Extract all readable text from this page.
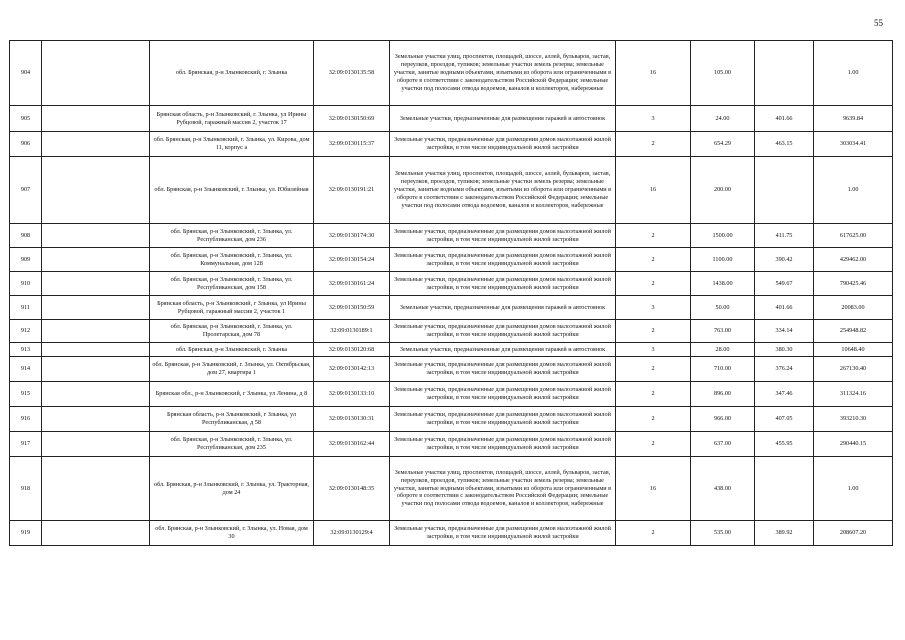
55
904		обл. Брянская, р-н Злынковский, г. Злынка	32:09:0130135:58	Земельные участки улиц, проспектов, площадей, шоссе, аллей, бульваров, застав, переулков, проездов, тупиков; земельные участки земель резерва; земельные участки, занятые водными объектами, изъятыми из оборота или ограниченными в обороте в соответствии с законодательством Российской Федерации; земельные участки под полосами отвода водоемов, каналов и коллекторов, набережные	16	105.00		1.00
905		Брянская область, р-н Злынковский, г. Злынка, ул Ирины Рубцовой, гаражный массив 2, участок 17	32:09:0130150:69	Земельные участки, предназначенные для размещения гаражей и автостоянок	3	24.00	401.66	9639.84
906		обл. Брянская, р-н Злынковский, г. Злынка, ул. Кирова, дом 11, корпус а	32:09:0130115:37	Земельные участки, предназначенные для размещения домов малоэтажной жилой застройки, в том числе индивидуальной жилой застройки	2	654.29	463.15	303034.41
907		обл. Брянская, р-н Злынковский, г. Злынка, ул. Юбилейная	32:09:0130191:21	Земельные участки улиц, проспектов, площадей, шоссе, аллей, бульваров, застав, переулков, проездов, тупиков; земельные участки земель резерва; земельные участки, занятые водными объектами, изъятыми из оборота или ограниченными в обороте в соответствии с законодательством Российской Федерации; земельные участки под полосами отвода водоемов, каналов и коллекторов, набережные	16	200.00		1.00
908		обл. Брянская, р-н Злынковский, г. Злынка, ул. Республиканская, дом 236	32:09:0130174:30	Земельные участки, предназначенные для размещения домов малоэтажной жилой застройки, в том числе индивидуальной жилой застройки	2	1500.00	411.75	617625.00
909		обл. Брянская, р-н Злынковский, г. Злынка, ул. Коммунальная, дом 128	32:09:0130154:24	Земельные участки, предназначенные для размещения домов малоэтажной жилой застройки, в том числе индивидуальной жилой застройки	2	1100.00	390.42	429462.00
910		обл. Брянская, р-н Злынковский, г. Злынка, ул. Республиканская, дом 158	32:09:0130161:24	Земельные участки, предназначенные для размещения домов малоэтажной жилой застройки, в том числе индивидуальной жилой застройки	2	1438.00	549.67	790425.46
911		Брянская область, р-н Злынковский, г Злынка, ул Ирины Рубцовой, гаражный массив 2, участок 1	32:09:0130150:59	Земельные участки, предназначенные для размещения гаражей и автостоянок	3	50.00	401.66	20083.00
912		обл. Брянская, р-н Злынковский, г. Злынка, ул. Пролетарская, дом 78	32:09:0130189:1	Земельные участки, предназначенные для размещения домов малоэтажной жилой застройки, в том числе индивидуальной жилой застройки	2	763.00	334.14	254948.82
913		обл. Брянская, р-н Злынковский, г. Злынка	32:09:0130120:68	Земельные участки, предназначенные для размещения гаражей и автостоянок	3	28.00	380.30	10648.40
914		обл. Брянская, р-н Злынковский, г. Злынка, ул. Октябрьская, дом 27, квартира 1	32:09:0130142:13	Земельные участки, предназначенные для размещения домов малоэтажной жилой застройки, в том числе индивидуальной жилой застройки	2	710.00	376.24	267130.40
915		Брянская обл., р-н Злынковский, г Злынка, ул Ленина, д 8	32:09:0130133:10	Земельные участки, предназначенные для размещения домов малоэтажной жилой застройки, в том числе индивидуальной жилой застройки	2	896.00	347.46	311324.16
916		Брянская область, р-н Злынковский, г Злынка, ул Республиканская, д 58	32:09:0130130:31	Земельные участки, предназначенные для размещения домов малоэтажной жилой застройки, в том числе индивидуальной жилой застройки	2	966.00	407.05	393210.30
917		обл. Брянская, р-н Злынковский, г. Злынка, ул. Республиканская, дом 235	32:09:0130162:44	Земельные участки, предназначенные для размещения домов малоэтажной жилой застройки, в том числе индивидуальной жилой застройки	2	637.00	455.95	290440.15
918		обл. Брянская, р-н Злынковский, г. Злынка, ул. Тракторная, дом 24	32:09:0130148:35	Земельные участки улиц, проспектов, площадей, шоссе, аллей, бульваров, застав, переулков, проездов, тупиков; земельные участки земель резерва; земельные участки, занятые водными объектами, изъятыми из оборота или ограниченными в обороте в соответствии с законодательством Российской Федерации; земельные участки под полосами отвода водоемов, каналов и коллекторов, набережные	16	438.00		1.00
919		обл. Брянская, р-н Злынковский, г. Злынка, ул. Новая, дом 30	32:09:0130129:4	Земельные участки, предназначенные для размещения домов малоэтажной жилой застройки, в том числе индивидуальной жилой застройки	2	535.00	389.92	208607.20
